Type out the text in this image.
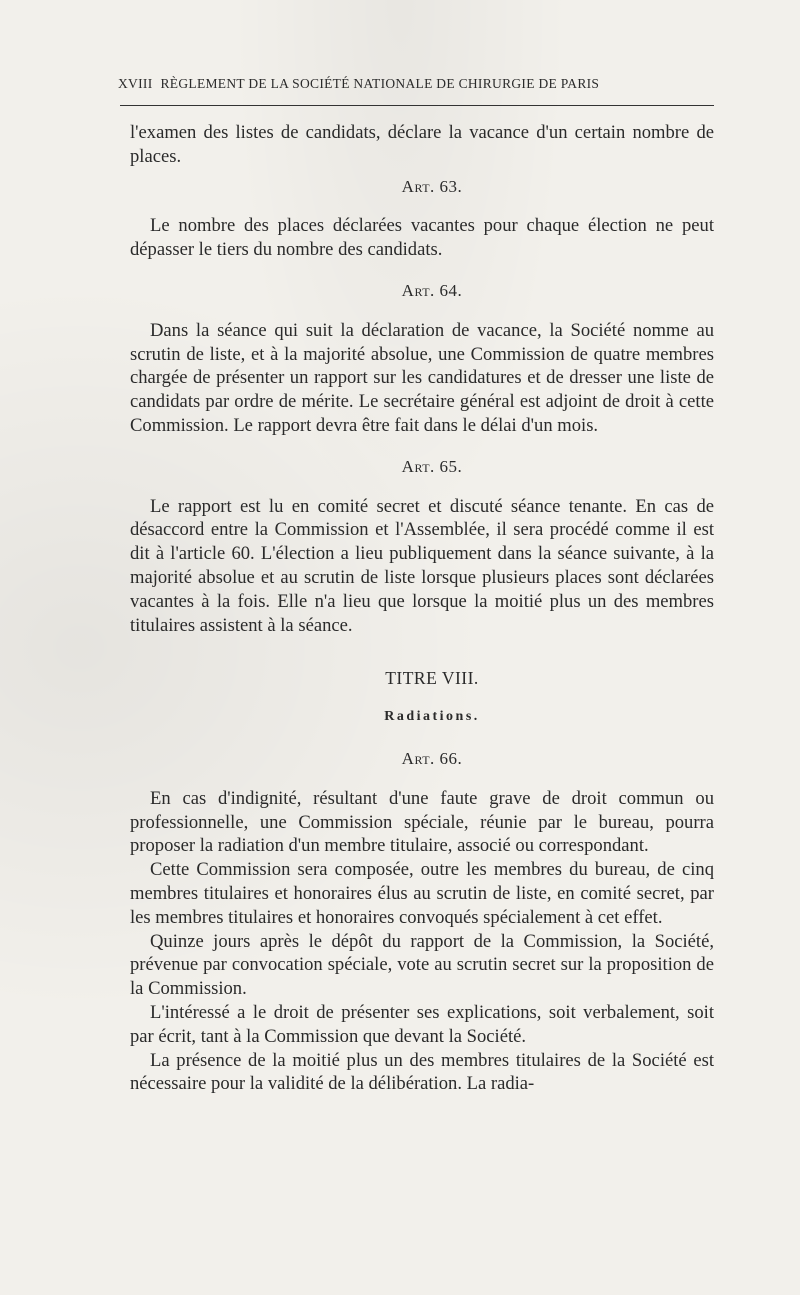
XVIII RÈGLEMENT DE LA SOCIÉTÉ NATIONALE DE CHIRURGIE DE PARIS

l'examen des listes de candidats, déclare la vacance d'un certain nombre de places.

Art. 63.

Le nombre des places déclarées vacantes pour chaque élection ne peut dépasser le tiers du nombre des candidats.

Art. 64.

Dans la séance qui suit la déclaration de vacance, la Société nomme au scrutin de liste, et à la majorité absolue, une Commission de quatre membres chargée de présenter un rapport sur les candidatures et de dresser une liste de candidats par ordre de mérite. Le secrétaire général est adjoint de droit à cette Commission. Le rapport devra être fait dans le délai d'un mois.

Art. 65.

Le rapport est lu en comité secret et discuté séance tenante. En cas de désaccord entre la Commission et l'Assemblée, il sera procédé comme il est dit à l'article 60. L'élection a lieu publiquement dans la séance suivante, à la majorité absolue et au scrutin de liste lorsque plusieurs places sont déclarées vacantes à la fois. Elle n'a lieu que lorsque la moitié plus un des membres titulaires assistent à la séance.

TITRE VIII.

Radiations.

Art. 66.

En cas d'indignité, résultant d'une faute grave de droit commun ou professionnelle, une Commission spéciale, réunie par le bureau, pourra proposer la radiation d'un membre titulaire, associé ou correspondant.

Cette Commission sera composée, outre les membres du bureau, de cinq membres titulaires et honoraires élus au scrutin de liste, en comité secret, par les membres titulaires et honoraires convoqués spécialement à cet effet.

Quinze jours après le dépôt du rapport de la Commission, la Société, prévenue par convocation spéciale, vote au scrutin secret sur la proposition de la Commission.

L'intéressé a le droit de présenter ses explications, soit verbalement, soit par écrit, tant à la Commission que devant la Société.

La présence de la moitié plus un des membres titulaires de la Société est nécessaire pour la validité de la délibération. La radia-
